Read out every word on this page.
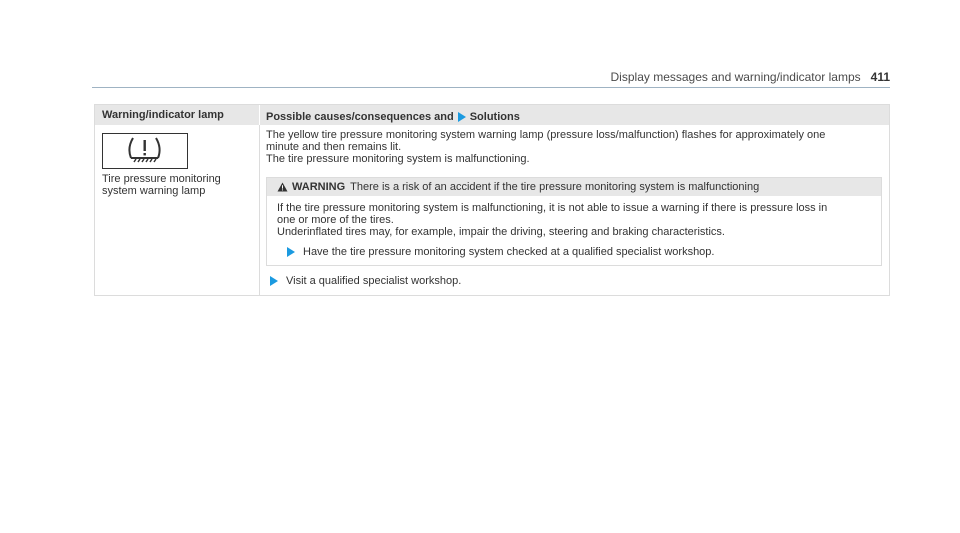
Display messages and warning/indicator lamps 411
Warning/indicator lamp	Possible causes/consequences and Solutions
Tire pressure monitoring
system warning lamp

The yellow tire pressure monitoring system warning lamp (pressure loss/malfunction) flashes for approximately one

minute and then remains lit.

The tire pressure monitoring system is malfunctioning.

WARNING There is a risk of an accident if the tire pressure monitoring system is malfunctioning

If the tire pressure monitoring system is malfunctioning, it is not able to issue a warning if there is pressure loss in

one or more of the tires.

Underinflated tires may, for example, impair the driving, steering and braking characteristics.

Have the tire pressure monitoring system checked at a qualified specialist workshop.
Visit a qualified specialist workshop.
